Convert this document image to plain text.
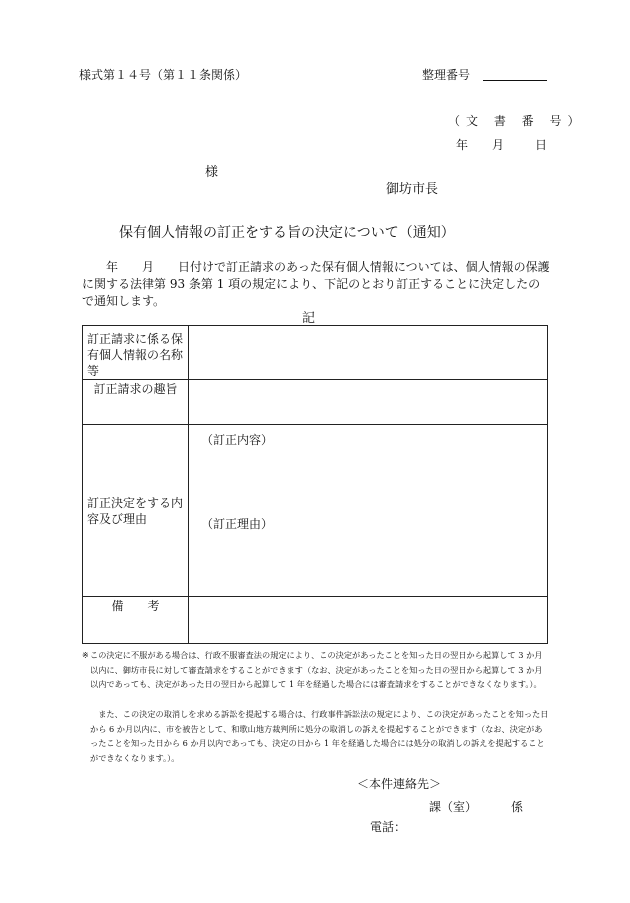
様式第１４号（第１１条関係）	整理番号
（文 書 番 号）
年 月	日
様
御坊市長
保有個人情報の訂正をする旨の決定について（通知）
　　年　　月　　日付けで訂正請求のあった保有個人情報については、個人情報の保護に関する法律第 93 条第 1 項の規定により、下記のとおり訂正することに決定したので通知します。
記
訂正請求に係る保有個人情報の名称等	

訂正請求の趣旨	

訂正決定をする内容及び理由	（訂正内容）
（訂正理由）

備　　考	

※ この決定に不服がある場合は、行政不服審査法の規定により、この決定があったことを知った日の翌日から起算して 3 か月以内に、御坊市長に対して審査請求をすることができます（なお、決定があったことを知った日の翌日から起算して 3 か月以内であっても、決定があった日の翌日から起算して 1 年を経過した場合には審査請求をすることができなくなります。）。
　また、この決定の取消しを求める訴訟を提起する場合は、行政事件訴訟法の規定により、この決定があったことを知った日から 6 か月以内に、市を被告として、和歌山地方裁判所に処分の取消しの訴えを提起することができます（なお、決定があったことを知った日から 6 か月以内であっても、決定の日から 1 年を経過した場合には処分の取消しの訴えを提起することができなくなります。）。
＜本件連絡先＞
課（室）	係
電話：
